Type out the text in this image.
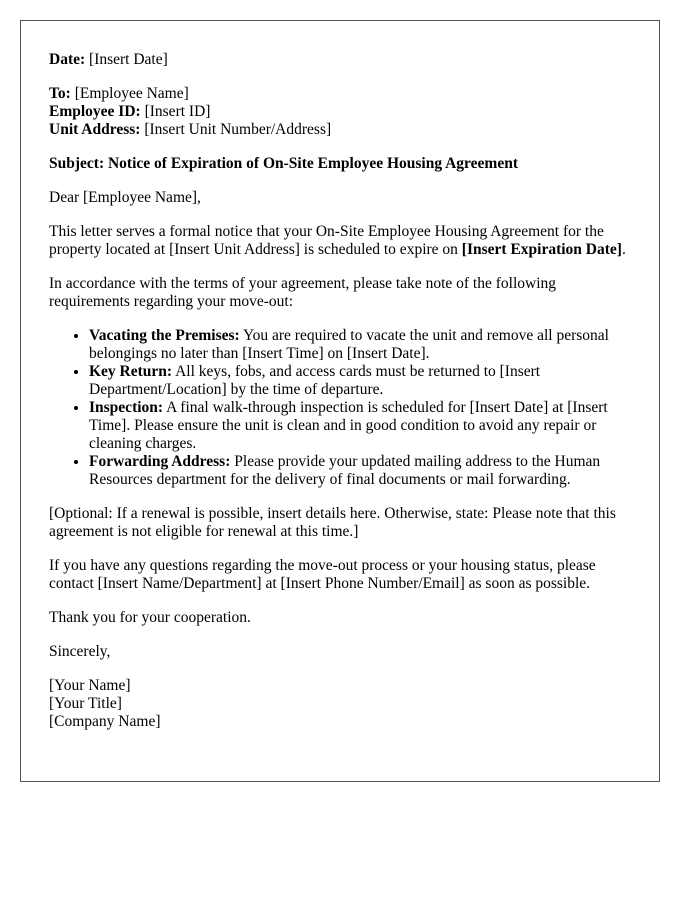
Date: [Insert Date]

To: [Employee Name]

Employee ID: [Insert ID]

Unit Address: [Insert Unit Number/Address]

Subject: Notice of Expiration of On-Site Employee Housing Agreement

Dear [Employee Name],

This letter serves a formal notice that your On-Site Employee Housing Agreement for the property located at [Insert Unit Address] is scheduled to expire on [Insert Expiration Date].

In accordance with the terms of your agreement, please take note of the following requirements regarding your move-out:

• Vacating the Premises: You are required to vacate the unit and remove all personal belongings no later than [Insert Time] on [Insert Date].
• Key Return: All keys, fobs, and access cards must be returned to [Insert Department/Location] by the time of departure.
• Inspection: A final walk-through inspection is scheduled for [Insert Date] at [Insert Time]. Please ensure the unit is clean and in good condition to avoid any repair or cleaning charges.
• Forwarding Address: Please provide your updated mailing address to the Human Resources department for the delivery of final documents or mail forwarding.

[Optional: If a renewal is possible, insert details here. Otherwise, state: Please note that this agreement is not eligible for renewal at this time.]

If you have any questions regarding the move-out process or your housing status, please contact [Insert Name/Department] at [Insert Phone Number/Email] as soon as possible.

Thank you for your cooperation.

Sincerely,

[Your Name]

[Your Title]

[Company Name]
